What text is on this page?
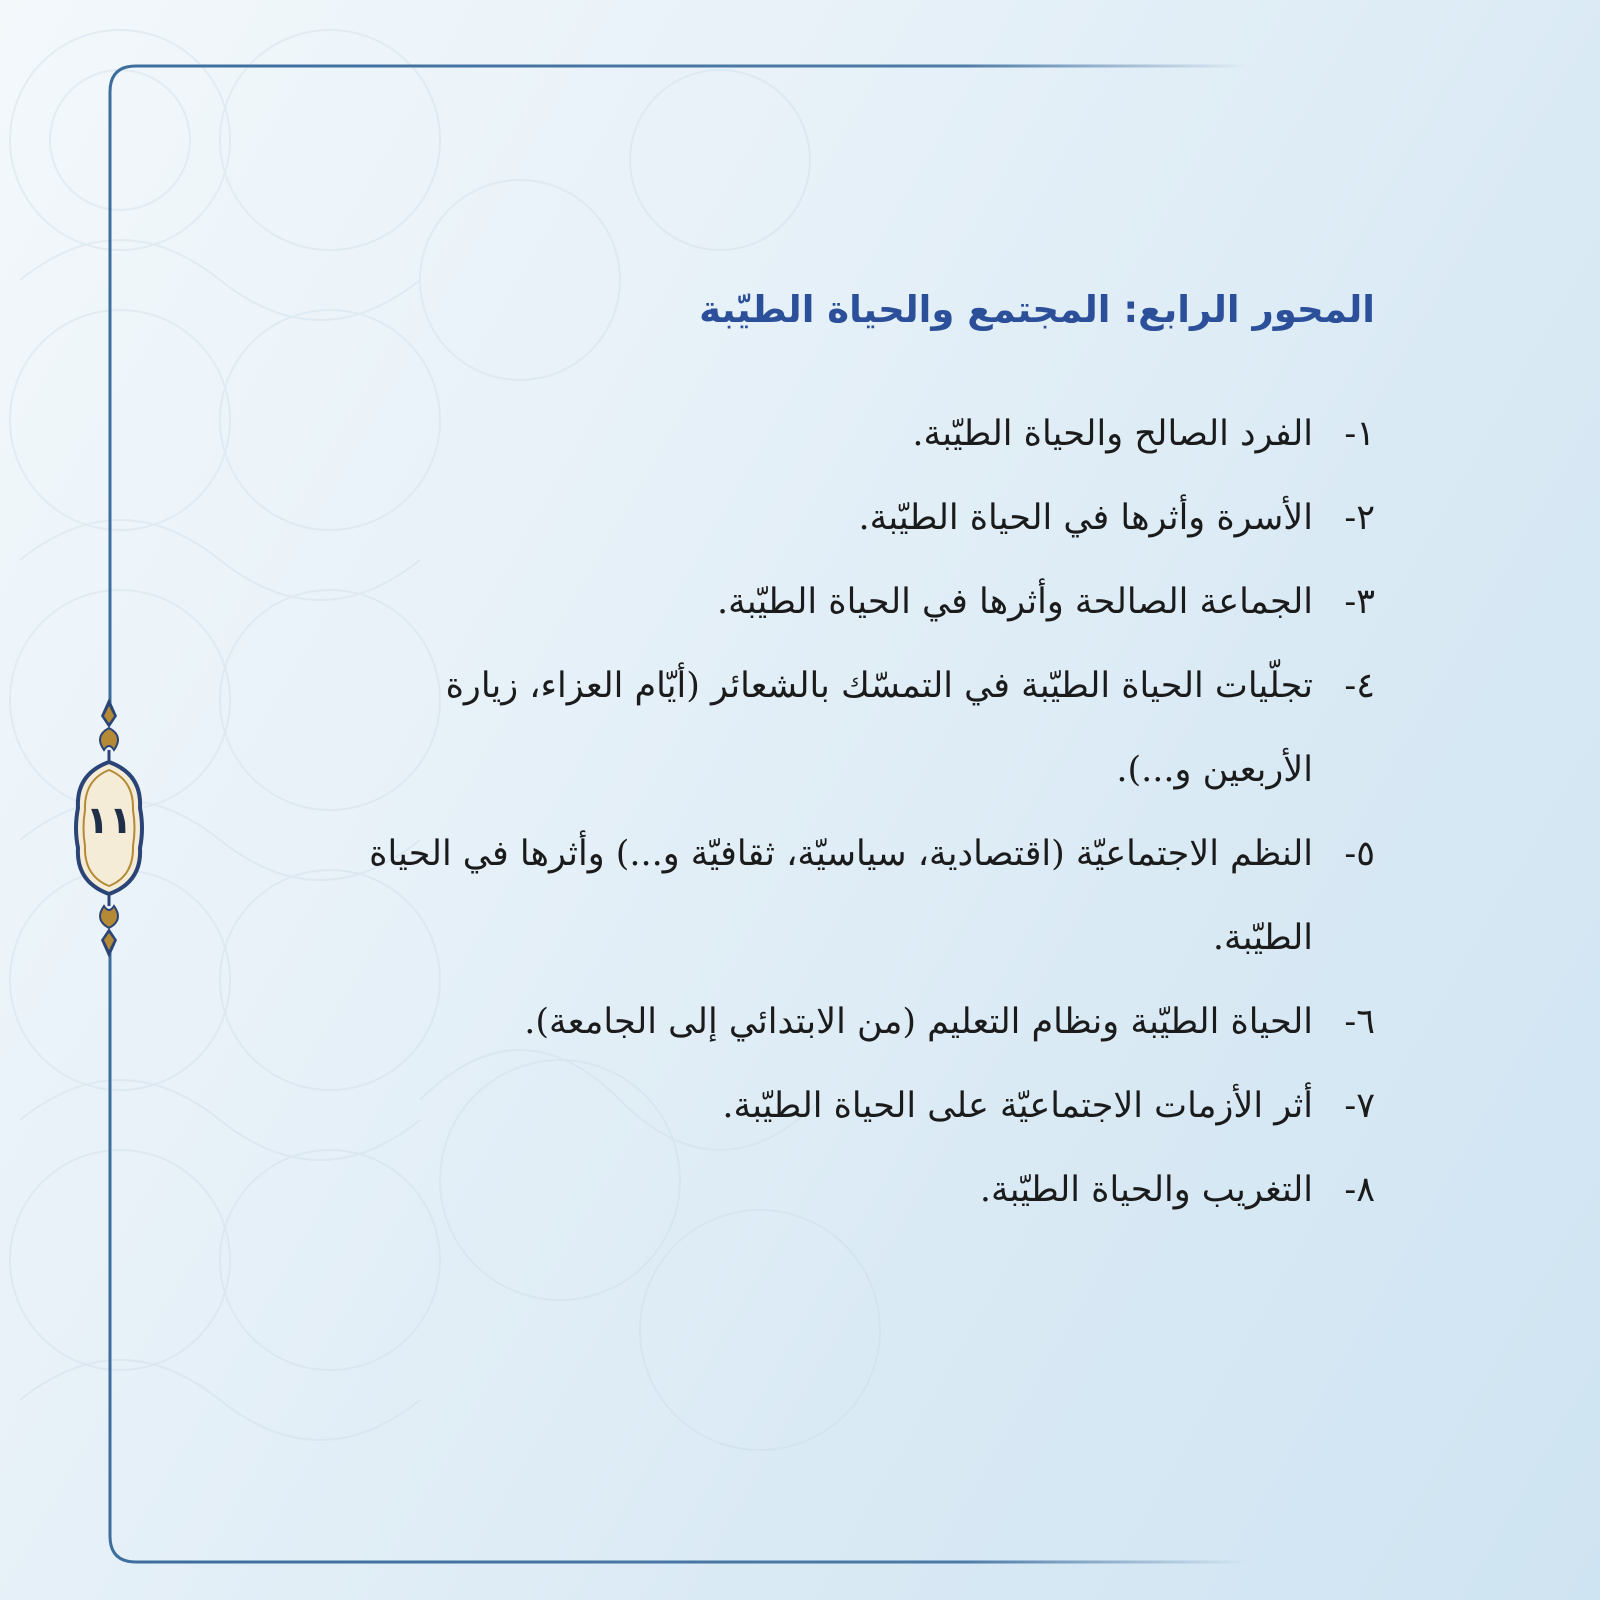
١١
المحور الرابع: المجتمع والحياة الطيّبة
١-
الفرد الصالح والحياة الطيّبة.
٢-
الأسرة وأثرها في الحياة الطيّبة.
٣-
الجماعة الصالحة وأثرها في الحياة الطيّبة.
٤-
تجلّيات الحياة الطيّبة في التمسّك بالشعائر (أيّام العزاء، زيارة الأربعين و...).
٥-
النظم الاجتماعيّة (اقتصادية، سياسيّة، ثقافيّة و...) وأثرها في الحياة الطيّبة.
٦-
الحياة الطيّبة ونظام التعليم (من الابتدائي إلى الجامعة).
٧-
أثر الأزمات الاجتماعيّة على الحياة الطيّبة.
٨-
التغريب والحياة الطيّبة.
